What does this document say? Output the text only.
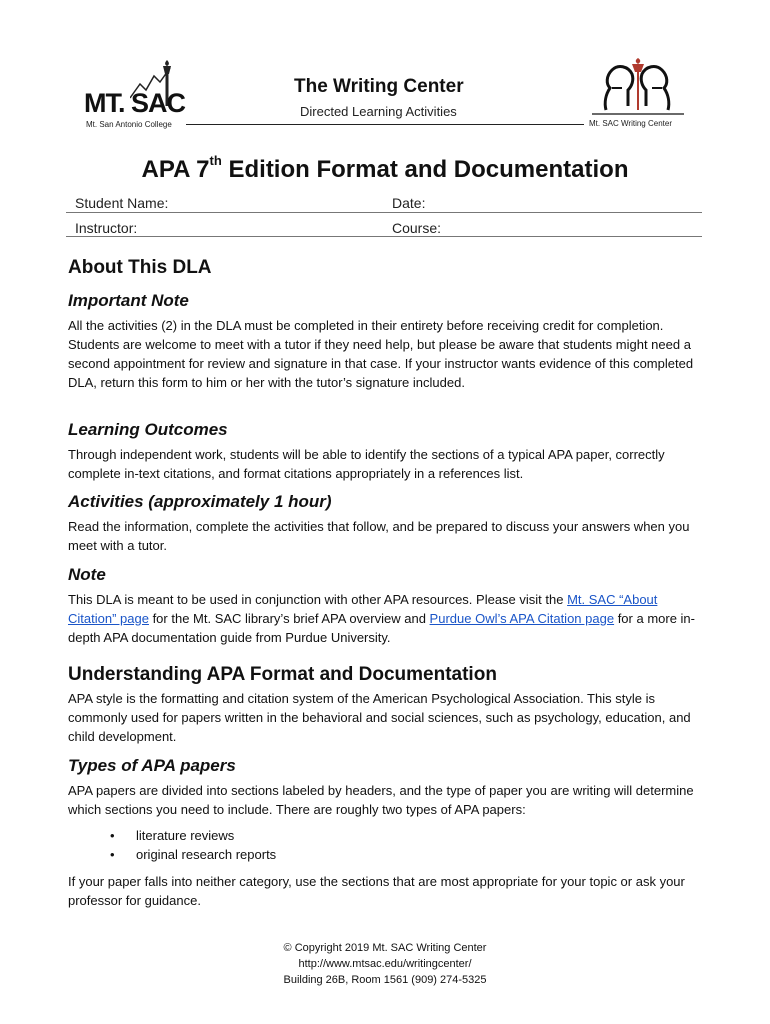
MT. SAC
Mt. San Antonio College
The Writing Center
Directed Learning Activities
Mt. SAC Writing Center
APA 7th Edition Format and Documentation
Student Name:	Date:
Instructor:	Course:
About This DLA
Important Note
All the activities (2) in the DLA must be completed in their entirety before receiving credit for completion. Students are welcome to meet with a tutor if they need help, but please be aware that students might need a second appointment for review and signature in that case. If your instructor wants evidence of this completed DLA, return this form to him or her with the tutor’s signature included.
Learning Outcomes
Through independent work, students will be able to identify the sections of a typical APA paper, correctly complete in-text citations, and format citations appropriately in a references list.
Activities (approximately 1 hour)
Read the information, complete the activities that follow, and be prepared to discuss your answers when you meet with a tutor.
Note
This DLA is meant to be used in conjunction with other APA resources. Please visit the Mt. SAC “About Citation” page for the Mt. SAC library’s brief APA overview and Purdue Owl’s APA Citation page for a more in-depth APA documentation guide from Purdue University.
Understanding APA Format and Documentation
APA style is the formatting and citation system of the American Psychological Association. This style is commonly used for papers written in the behavioral and social sciences, such as psychology, education, and child development.
Types of APA papers
APA papers are divided into sections labeled by headers, and the type of paper you are writing will determine which sections you need to include. There are roughly two types of APA papers:
• literature reviews
• original research reports
If your paper falls into neither category, use the sections that are most appropriate for your topic or ask your professor for guidance.
© Copyright 2019 Mt. SAC Writing Center
http://www.mtsac.edu/writingcenter/
Building 26B, Room 1561 (909) 274-5325
